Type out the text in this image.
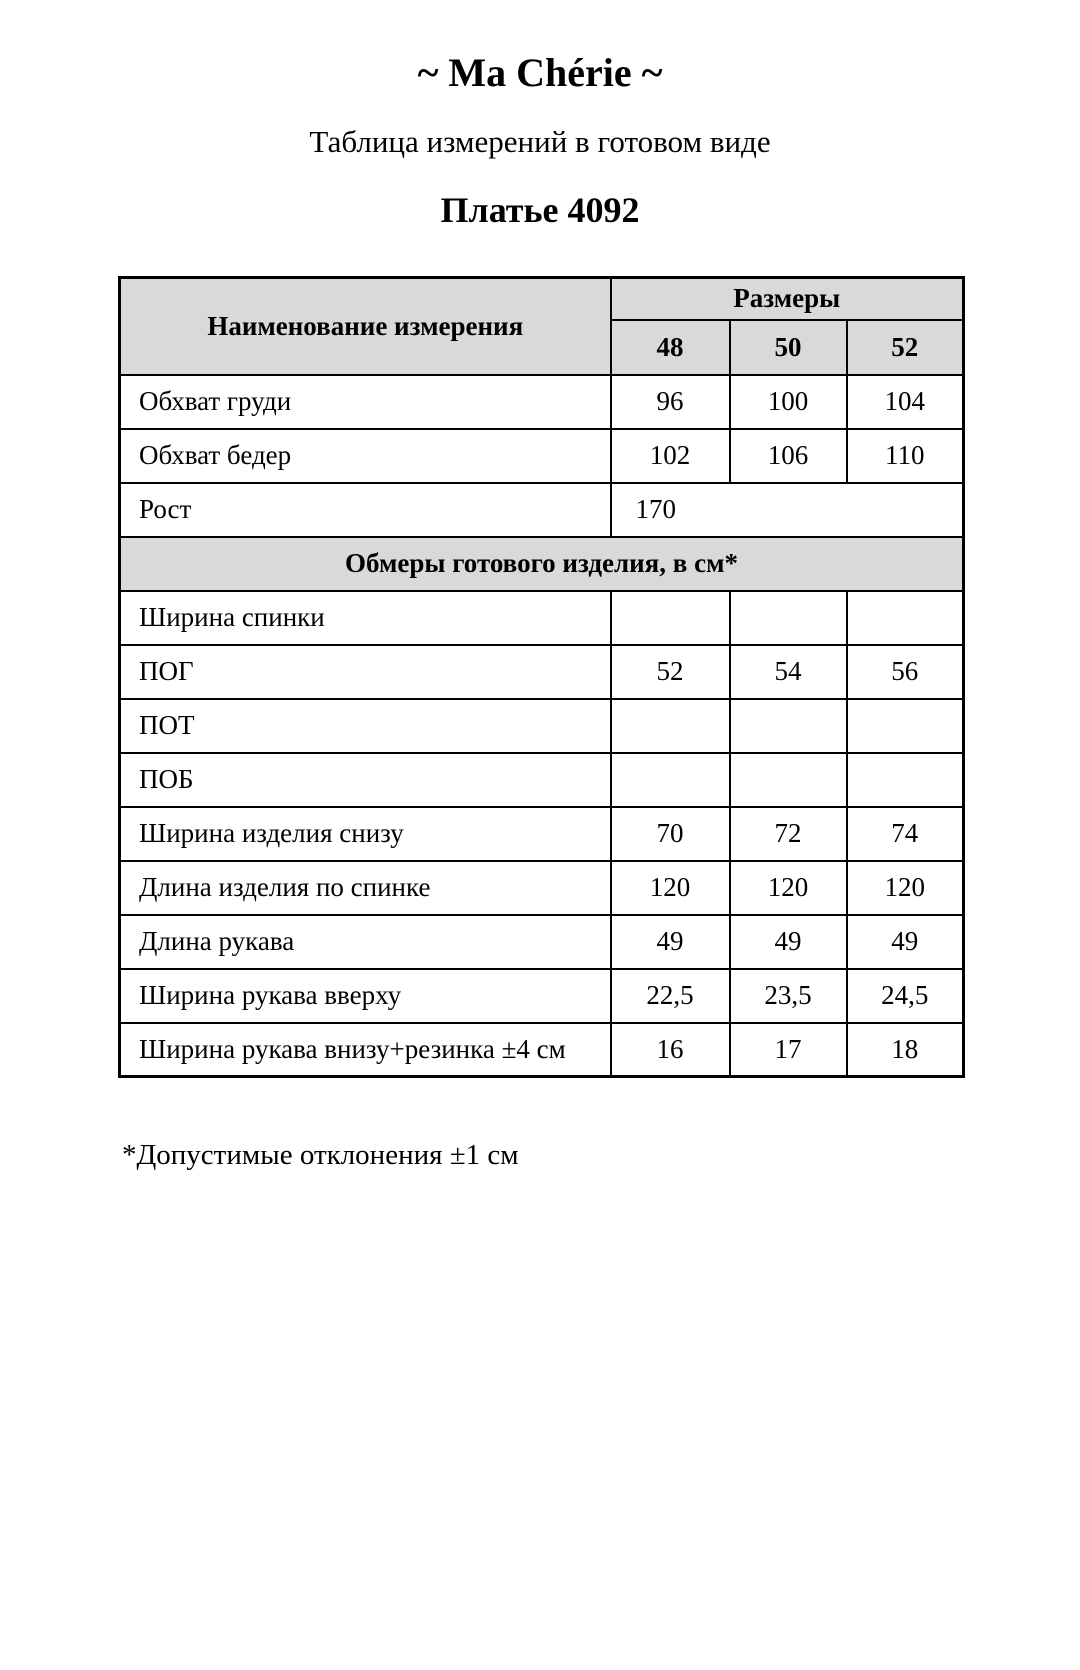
~ Ma Chérie ~
Таблица измерений в готовом виде
Платье 4092
Наименование измерения	Размеры		
	48	50	52
Обхват груди	96	100	104
Обхват бедер	102	106	110
Рост	170		
Обмеры готового изделия, в см*			
Ширина спинки			
ПОГ	52	54	56
ПОТ			
ПОБ			
Ширина изделия снизу	70	72	74
Длина изделия по спинке	120	120	120
Длина рукава	49	49	49
Ширина рукава вверху	22,5	23,5	24,5
Ширина рукава внизу+резинка ±4 см	16	17	18
*Допустимые отклонения ±1 см
